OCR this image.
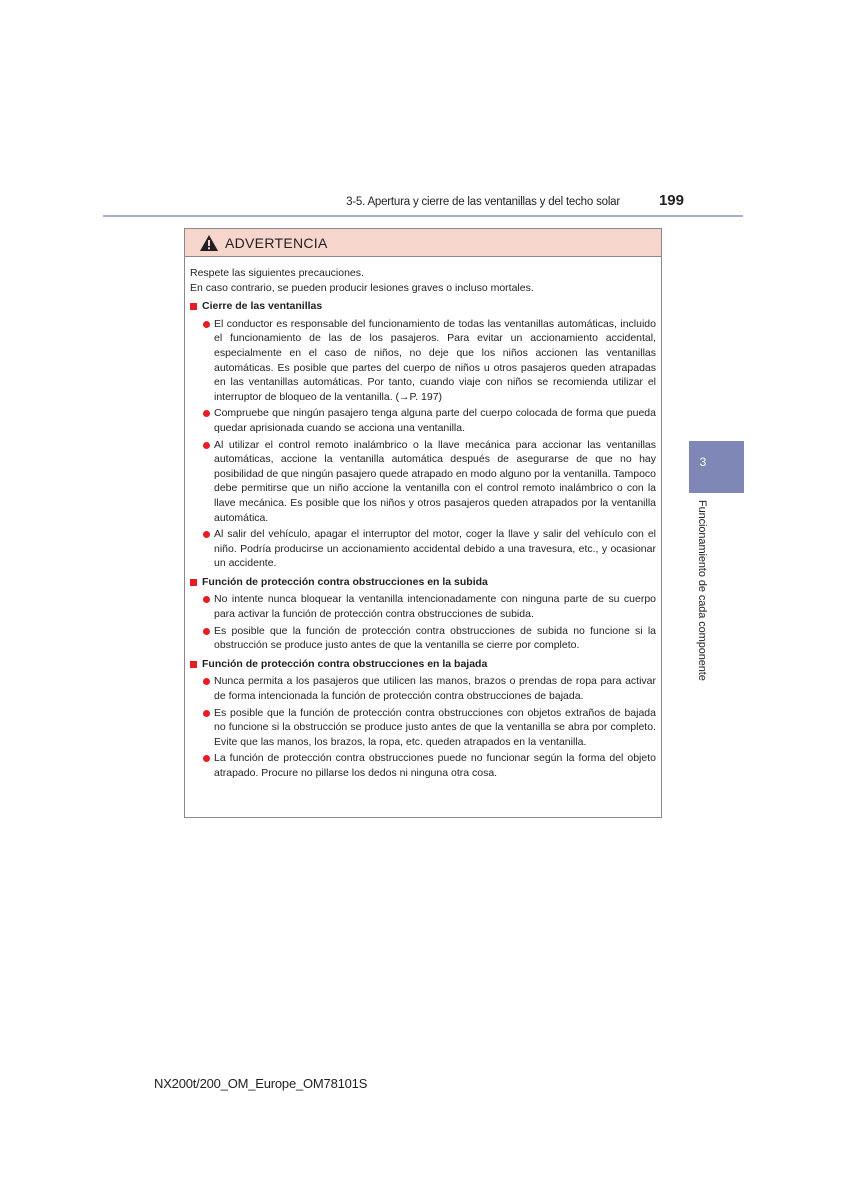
3-5. Apertura y cierre de las ventanillas y del techo solar	199
3
Funcionamiento de cada componente
ADVERTENCIA

Respete las siguientes precauciones.

En caso contrario, se pueden producir lesiones graves o incluso mortales.

Cierre de las ventanillas

El conductor es responsable del funcionamiento de todas las ventanillas automáticas, incluido el funcionamiento de las de los pasajeros. Para evitar un accionamiento accidental, especialmente en el caso de niños, no deje que los niños accionen las ventanillas automáticas. Es posible que partes del cuerpo de niños u otros pasajeros queden atrapadas en las ventanillas automáticas. Por tanto, cuando viaje con niños se recomienda utilizar el interruptor de bloqueo de la ventanilla. (→P. 197)
Compruebe que ningún pasajero tenga alguna parte del cuerpo colocada de forma que pueda quedar aprisionada cuando se acciona una ventanilla.
Al utilizar el control remoto inalámbrico o la llave mecánica para accionar las ventanillas automáticas, accione la ventanilla automática después de asegurarse de que no hay posibilidad de que ningún pasajero quede atrapado en modo alguno por la ventanilla. Tampoco debe permitirse que un niño accione la ventanilla con el control remoto inalámbrico o con la llave mecánica. Es posible que los niños y otros pasajeros queden atrapados por la ventanilla automática.
Al salir del vehículo, apagar el interruptor del motor, coger la llave y salir del vehículo con el niño. Podría producirse un accionamiento accidental debido a una travesura, etc., y ocasionar un accidente.

Función de protección contra obstrucciones en la subida

No intente nunca bloquear la ventanilla intencionadamente con ninguna parte de su cuerpo para activar la función de protección contra obstrucciones de subida.
Es posible que la función de protección contra obstrucciones de subida no funcione si la obstrucción se produce justo antes de que la ventanilla se cierre por completo.

Función de protección contra obstrucciones en la bajada

Nunca permita a los pasajeros que utilicen las manos, brazos o prendas de ropa para activar de forma intencionada la función de protección contra obstrucciones de bajada.
Es posible que la función de protección contra obstrucciones con objetos extraños de bajada no funcione si la obstrucción se produce justo antes de que la ventanilla se abra por completo. Evite que las manos, los brazos, la ropa, etc. queden atrapados en la ventanilla.
La función de protección contra obstrucciones puede no funcionar según la forma del objeto atrapado. Procure no pillarse los dedos ni ninguna otra cosa.
NX200t/200_OM_Europe_OM78101S
